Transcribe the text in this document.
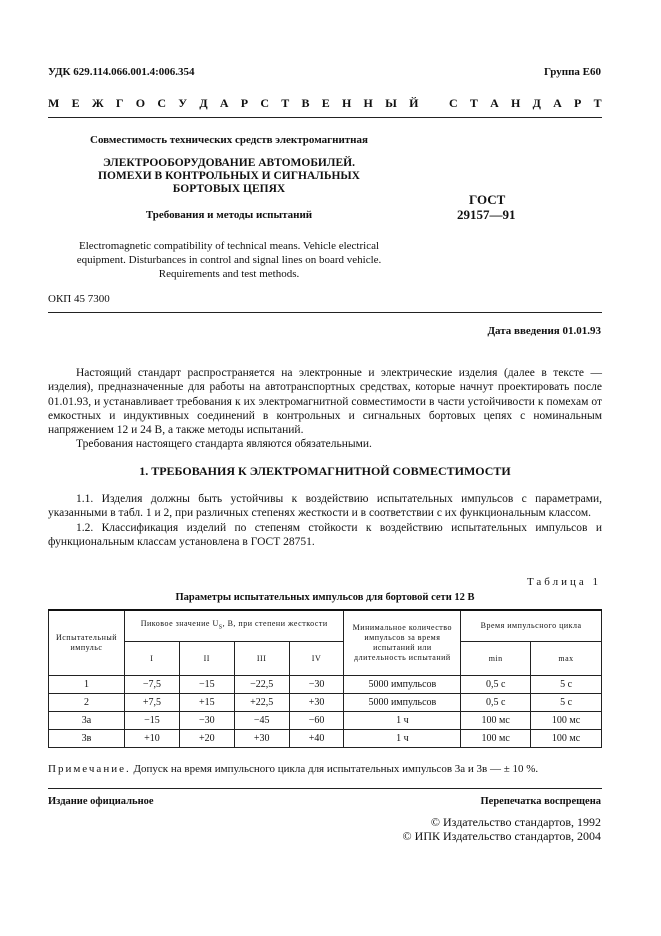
УДК 629.114.066.001.4:006.354	Группа Е60
М Е Ж Г О С У Д А Р С Т В Е Н Н Ы Й
	С Т А Н Д А Р Т
Совместимость технических средств электромагнитная
ЭЛЕКТРООБОРУДОВАНИЕ АВТОМОБИЛЕЙ.
ПОМЕХИ В КОНТРОЛЬНЫХ И СИГНАЛЬНЫХ
БОРТОВЫХ ЦЕПЯХ
Требования и методы испытаний
ГОСТ
29157—91
Electromagnetic compatibility of technical means. Vehicle electrical
equipment. Disturbances in control and signal lines on board vehicle.
Requirements and test methods.
ОКП 45 7300
Дата введения 01.01.93

Настоящий стандарт распространяется на электронные и электрические изделия (далее в тексте — изделия), предназначенные для работы на автотранспортных средствах, которые начнут проектировать после 01.01.93, и устанавливает требования к их электромагнитной совместимости в части устойчивости к помехам от емкостных и индуктивных соединений в контрольных и сигнальных бортовых цепях с номинальным напряжением 12 и 24 В, а также методы испытаний.

Требования настоящего стандарта являются обязательными.

1. ТРЕБОВАНИЯ К ЭЛЕКТРОМАГНИТНОЙ СОВМЕСТИМОСТИ

1.1. Изделия должны быть устойчивы к воздействию испытательных импульсов с параметрами, указанными в табл. 1 и 2, при различных степенях жесткости и в соответствии с их функциональным классом.

1.2. Классификация изделий по степеням стойкости к воздействию испытательных импульсов и функциональным классам установлена в ГОСТ 28751.

Таблица 1
Параметры испытательных импульсов для бортовой сети 12 В
Испытательный импульс	Пиковое значение $U_S$, В, при степени жесткости				Минимальное количество импульсов за время испытаний или длительность испытаний	Время импульсного цикла	
	I	II	III	IV		min	max
1	−7,5	−15	−22,5	−30	5000 импульсов	0,5 с	5 с
2	+7,5	+15	+22,5	+30	5000 импульсов	0,5 с	5 с
3а	−15	−30	−45	−60	1 ч	100 мс	100 мс
3в	+10	+20	+30	+40	1 ч	100 мс	100 мс
Примечание. Допуск на время импульсного цикла для испытательных импульсов 3а и 3в — ± 10 %.
Издание официальное	Перепечатка воспрещена
© Издательство стандартов, 1992
© ИПК Издательство стандартов, 2004
